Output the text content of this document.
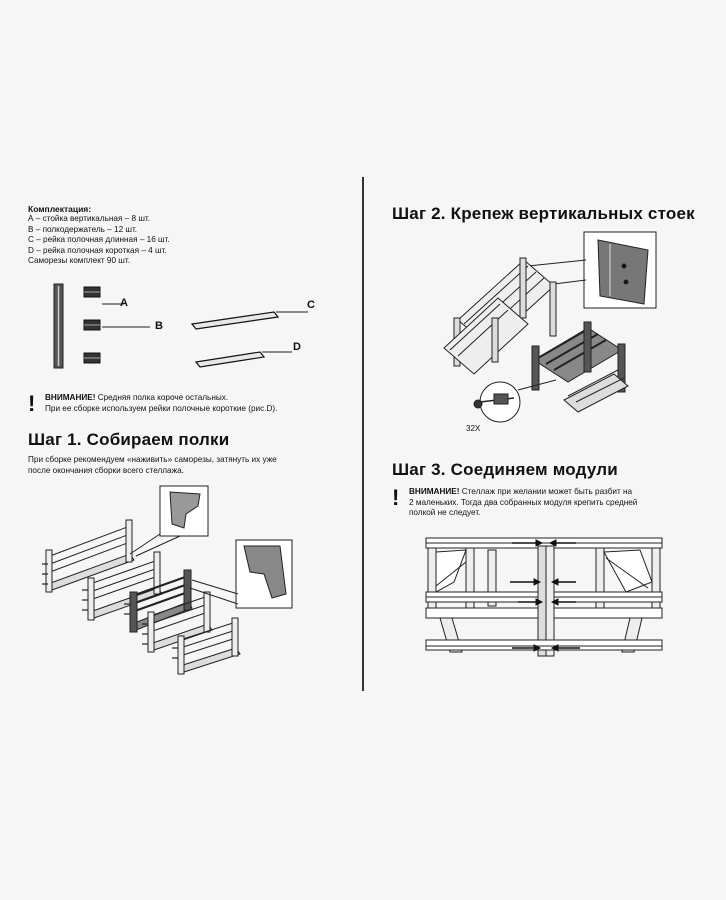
Комплектация:
А – стойка вертикальная – 8 шт.
В – полкодержатель – 12 шт.
С – рейка полочная длинная – 16 шт.
D – рейка полочная короткая – 4 шт.
Саморезы комплект 90 шт.
A
B
C
D
! ВНИМАНИЕ! Средняя полка короче остальных.
При ее сборке используем рейки полочные короткие (рис.D).
Шаг 1. Собираем полки
При сборке рекомендуем «наживить» саморезы, затянуть их уже
после окончания сборки всего стеллажа.
Шаг 2. Крепеж вертикальных стоек
32X
Шаг 3. Соединяем модули
! ВНИМАНИЕ! Стеллаж при желании может быть разбит на
2 маленьких. Тогда два собранных модуля крепить средней
полкой не следует.
